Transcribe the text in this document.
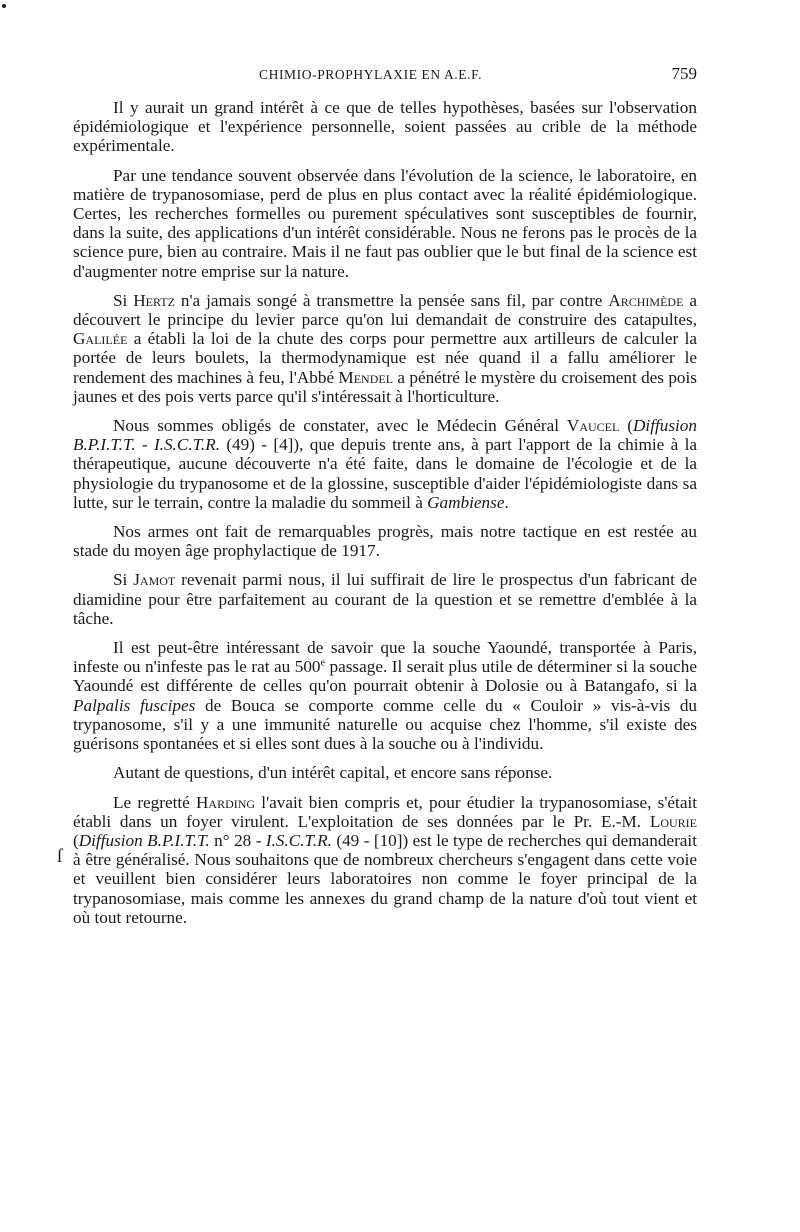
CHIMIO-PROPHYLAXIE EN A.E.F.	759
ſ

Il y aurait un grand intérêt à ce que de telles hypothèses, basées sur l'observation épidémiologique et l'expérience personnelle, soient passées au crible de la méthode expérimentale.

Par une tendance souvent observée dans l'évolution de la science, le laboratoire, en matière de trypanosomiase, perd de plus en plus contact avec la réalité épidémiologique. Certes, les recherches formelles ou purement spéculatives sont susceptibles de fournir, dans la suite, des applications d'un intérêt considérable. Nous ne ferons pas le procès de la science pure, bien au contraire. Mais il ne faut pas oublier que le but final de la science est d'augmenter notre emprise sur la nature.

Si Hertz n'a jamais songé à transmettre la pensée sans fil, par contre Archimède a découvert le principe du levier parce qu'on lui demandait de construire des catapultes, Galilée a établi la loi de la chute des corps pour permettre aux artilleurs de calculer la portée de leurs boulets, la thermodynamique est née quand il a fallu améliorer le rendement des machines à feu, l'Abbé Mendel a pénétré le mystère du croisement des pois jaunes et des pois verts parce qu'il s'intéressait à l'horticulture.

Nous sommes obligés de constater, avec le Médecin Général Vaucel (Diffusion B.P.I.T.T. - I.S.C.T.R. (49) - [4]), que depuis trente ans, à part l'apport de la chimie à la thérapeutique, aucune découverte n'a été faite, dans le domaine de l'écologie et de la physiologie du trypanosome et de la glossine, susceptible d'aider l'épidémiologiste dans sa lutte, sur le terrain, contre la maladie du sommeil à Gambiense.

Nos armes ont fait de remarquables progrès, mais notre tactique en est restée au stade du moyen âge prophylactique de 1917.

Si Jamot revenait parmi nous, il lui suffirait de lire le prospectus d'un fabricant de diamidine pour être parfaitement au courant de la question et se remettre d'emblée à la tâche.

Il est peut-être intéressant de savoir que la souche Yaoundé, transportée à Paris, infeste ou n'infeste pas le rat au 500e passage. Il serait plus utile de déterminer si la souche Yaoundé est différente de celles qu'on pourrait obtenir à Dolosie ou à Batangafo, si la Palpalis fuscipes de Bouca se comporte comme celle du « Couloir » vis-à-vis du trypanosome, s'il y a une immunité naturelle ou acquise chez l'homme, s'il existe des guérisons spontanées et si elles sont dues à la souche ou à l'individu.

Autant de questions, d'un intérêt capital, et encore sans réponse.

Le regretté Harding l'avait bien compris et, pour étudier la trypanosomiase, s'était établi dans un foyer virulent. L'exploitation de ses données par le Pr. E.-M. Lourie (Diffusion B.P.I.T.T. n° 28 - I.S.C.T.R. (49 - [10]) est le type de recherches qui demanderait à être généralisé. Nous souhaitons que de nombreux chercheurs s'engagent dans cette voie et veuillent bien considérer leurs laboratoires non comme le foyer principal de la trypanosomiase, mais comme les annexes du grand champ de la nature d'où tout vient et où tout retourne.
